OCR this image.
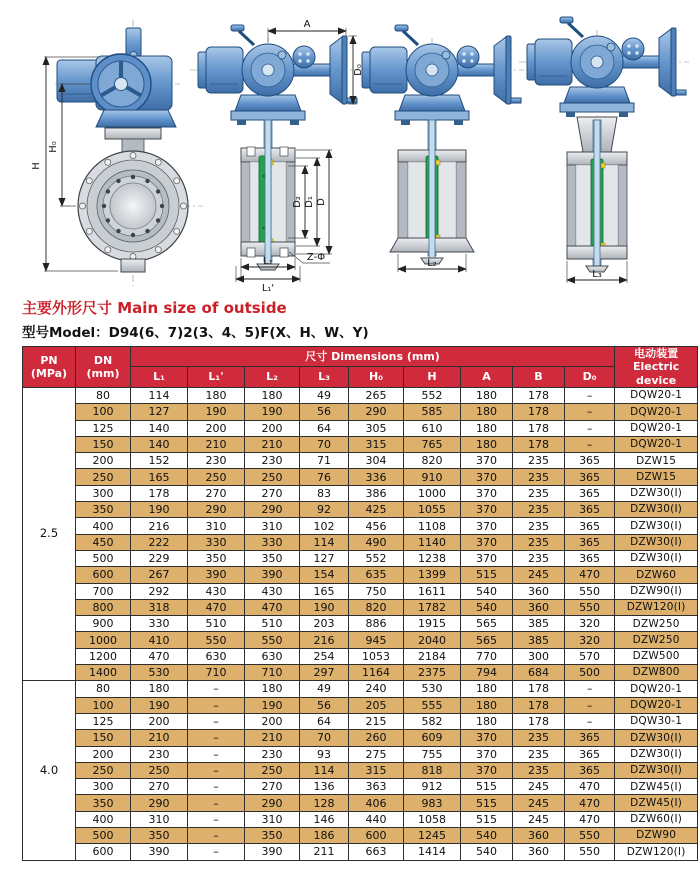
H
H₀
A
D₂ D₁ D
L₁
L₁'
Z-Φ
L₂
L₃
主要外形尺寸 Main size of outside
型号Model：D94(6、7)2(3、4、5)F(X、H、W、Y)
PN
(MPa)	DN
(mm)	尺寸 Dimensions (mm)									电动装置
Electric device

		L₁	L₁'	L₂	L₃	H₀	H	A	B	D₀	
2.5	80	114	180	180	49	265	552	180	178	–	DQW20-1
	100	127	190	190	56	290	585	180	178	–	DQW20-1
	125	140	200	200	64	305	610	180	178	–	DQW20-1
	150	140	210	210	70	315	765	180	178	–	DQW20-1
	200	152	230	230	71	304	820	370	235	365	DZW15
	250	165	250	250	76	336	910	370	235	365	DZW15
	300	178	270	270	83	386	1000	370	235	365	DZW30(I)
	350	190	290	290	92	425	1055	370	235	365	DZW30(I)
	400	216	310	310	102	456	1108	370	235	365	DZW30(I)
	450	222	330	330	114	490	1140	370	235	365	DZW30(I)
	500	229	350	350	127	552	1238	370	235	365	DZW30(I)
	600	267	390	390	154	635	1399	515	245	470	DZW60
	700	292	430	430	165	750	1611	540	360	550	DZW90(I)
	800	318	470	470	190	820	1782	540	360	550	DZW120(I)
	900	330	510	510	203	886	1915	565	385	320	DZW250
	1000	410	550	550	216	945	2040	565	385	320	DZW250
	1200	470	630	630	254	1053	2184	770	300	570	DZW500
	1400	530	710	710	297	1164	2375	794	684	500	DZW800
4.0	80	180	–	180	49	240	530	180	178	–	DQW20-1
	100	190	–	190	56	205	555	180	178	–	DQW20-1
	125	200	–	200	64	215	582	180	178	–	DQW30-1
	150	210	–	210	70	260	609	370	235	365	DZW30(I)
	200	230	–	230	93	275	755	370	235	365	DZW30(I)
	250	250	–	250	114	315	818	370	235	365	DZW30(I)
	300	270	–	270	136	363	912	515	245	470	DZW45(I)
	350	290	–	290	128	406	983	515	245	470	DZW45(I)
	400	310	–	310	146	440	1058	515	245	470	DZW60(I)
	500	350	–	350	186	600	1245	540	360	550	DZW90
	600	390	–	390	211	663	1414	540	360	550	DZW120(I)
